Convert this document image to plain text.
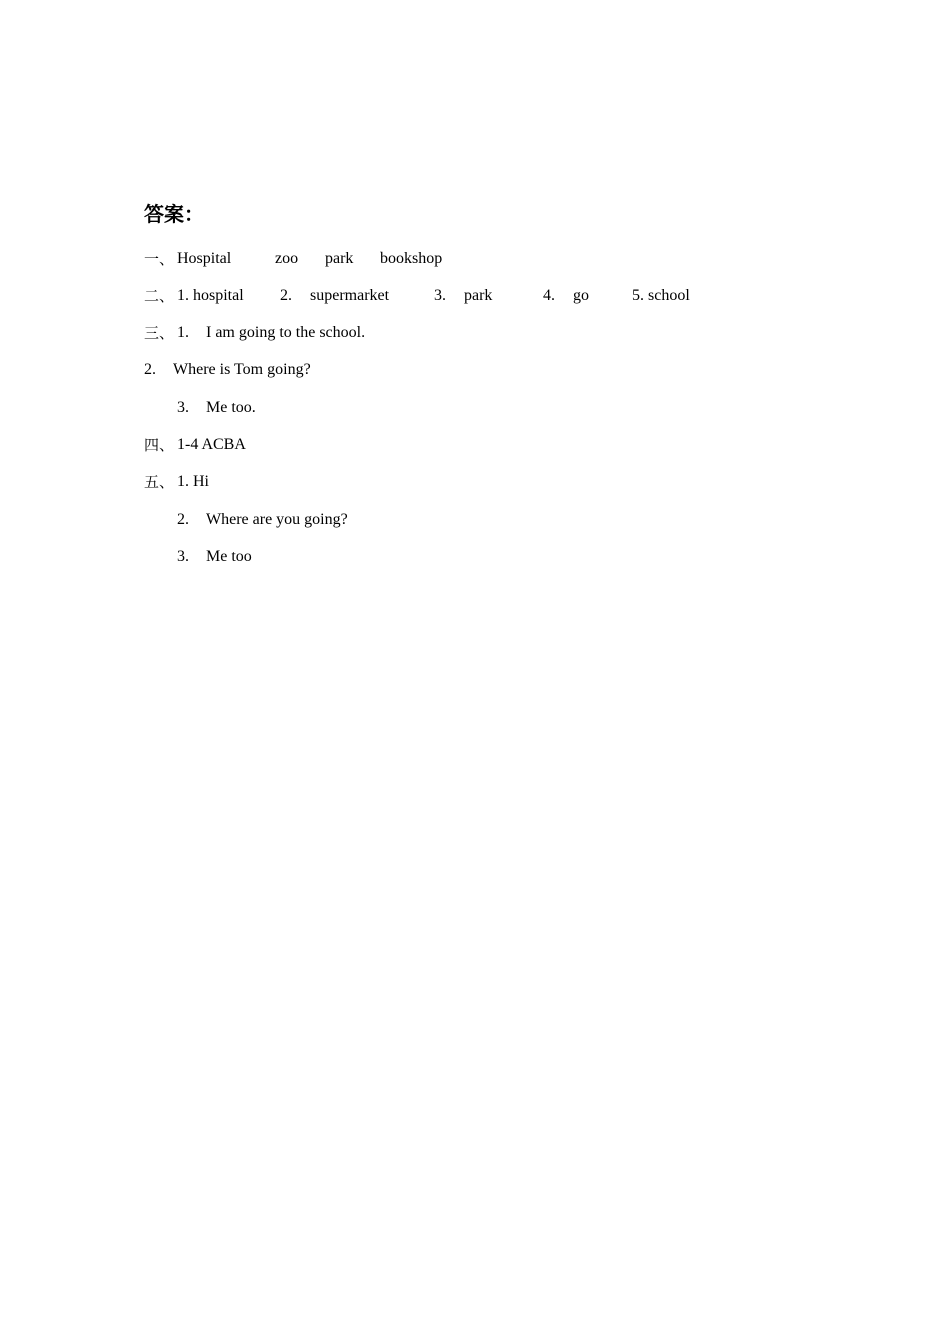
答案：
一、 Hospital	zoo park bookshop
二、 1. hospital 2. supermarket	3. park	4. go	5. school
三、 1. I am going to the school.
2. Where is Tom going?
3. Me too.
四、 1-4 ACBA
五、 1. Hi
2. Where are you going?
3. Me too
